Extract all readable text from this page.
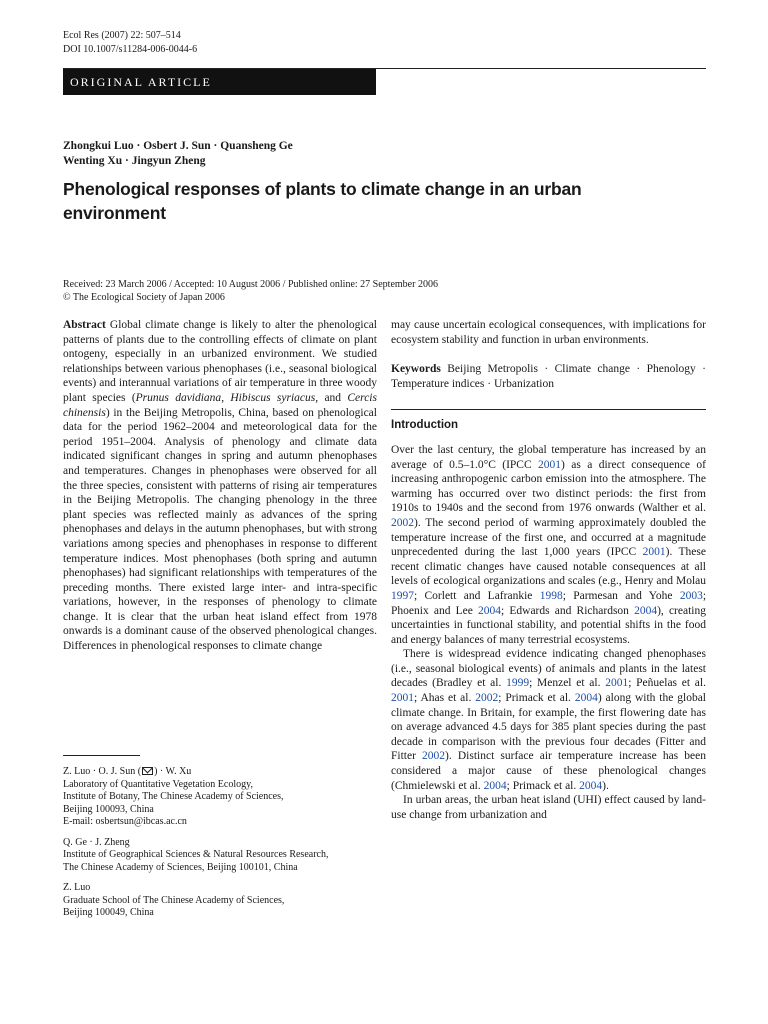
Ecol Res (2007) 22: 507–514
DOI 10.1007/s11284-006-0044-6
ORIGINAL ARTICLE
Zhongkui Luo · Osbert J. Sun · Quansheng Ge
Wenting Xu · Jingyun Zheng
Phenological responses of plants to climate change in an urban environment
Received: 23 March 2006 / Accepted: 10 August 2006 / Published online: 27 September 2006
© The Ecological Society of Japan 2006

Abstract Global climate change is likely to alter the phenological patterns of plants due to the controlling effects of climate on plant ontogeny, especially in an urbanized environment. We studied relationships between various phenophases (i.e., seasonal biological events) and interannual variations of air temperature in three woody plant species (Prunus davidiana, Hibiscus syriacus, and Cercis chinensis) in the Beijing Metropolis, China, based on phenological data for the period 1962–2004 and meteorological data for the period 1951–2004. Analysis of phenology and climate data indicated significant changes in spring and autumn phenophases and temperatures. Changes in phenophases were observed for all the three species, consistent with patterns of rising air temperatures in the Beijing Metropolis. The changing phenology in the three plant species was reflected mainly as advances of the spring phenophases and delays in the autumn phenophases, but with strong variations among species and phenophases in response to different temperature indices. Most phenophases (both spring and autumn phenophases) had significant relationships with temperatures of the preceding months. There existed large inter- and intra-specific variations, however, in the responses of phenology to climate change. It is clear that the urban heat island effect from 1978 onwards is a dominant cause of the observed phenological changes. Differences in phenological responses to climate change

Z. Luo · O. J. Sun ( ) · W. Xu
Laboratory of Quantitative Vegetation Ecology,
Institute of Botany, The Chinese Academy of Sciences,
Beijing 100093, China
E-mail: osbertsun@ibcas.ac.cn
Q. Ge · J. Zheng
Institute of Geographical Sciences & Natural Resources Research,
The Chinese Academy of Sciences, Beijing 100101, China
Z. Luo
Graduate School of The Chinese Academy of Sciences,
Beijing 100049, China

may cause uncertain ecological consequences, with implications for ecosystem stability and function in urban environments.

Keywords Beijing Metropolis · Climate change · Phenology · Temperature indices · Urbanization

Introduction

Over the last century, the global temperature has increased by an average of 0.5–1.0°C (IPCC 2001) as a direct consequence of increasing anthropogenic carbon emission into the atmosphere. The warming has occurred over two distinct periods: the first from 1910s to 1940s and the second from 1976 onwards (Walther et al. 2002). The second period of warming approximately doubled the temperature increase of the first one, and occurred at a magnitude unprecedented during the last 1,000 years (IPCC 2001). These recent climatic changes have caused notable consequences at all levels of ecological organizations and scales (e.g., Henry and Molau 1997; Corlett and Lafrankie 1998; Parmesan and Yohe 2003; Phoenix and Lee 2004; Edwards and Richardson 2004), creating uncertainties in functional stability, and potential shifts in the food and energy balances of many terrestrial ecosystems.

There is widespread evidence indicating changed phenophases (i.e., seasonal biological events) of animals and plants in the latest decades (Bradley et al. 1999; Menzel et al. 2001; Peñuelas et al. 2001; Ahas et al. 2002; Primack et al. 2004) along with the global climate change. In Britain, for example, the first flowering date has on average advanced 4.5 days for 385 plant species during the past decade in comparison with the previous four decades (Fitter and Fitter 2002). Distinct surface air temperature increase has been considered a major cause of these phenological changes (Chmielewski et al. 2004; Primack et al. 2004).

In urban areas, the urban heat island (UHI) effect caused by land-use change from urbanization and
